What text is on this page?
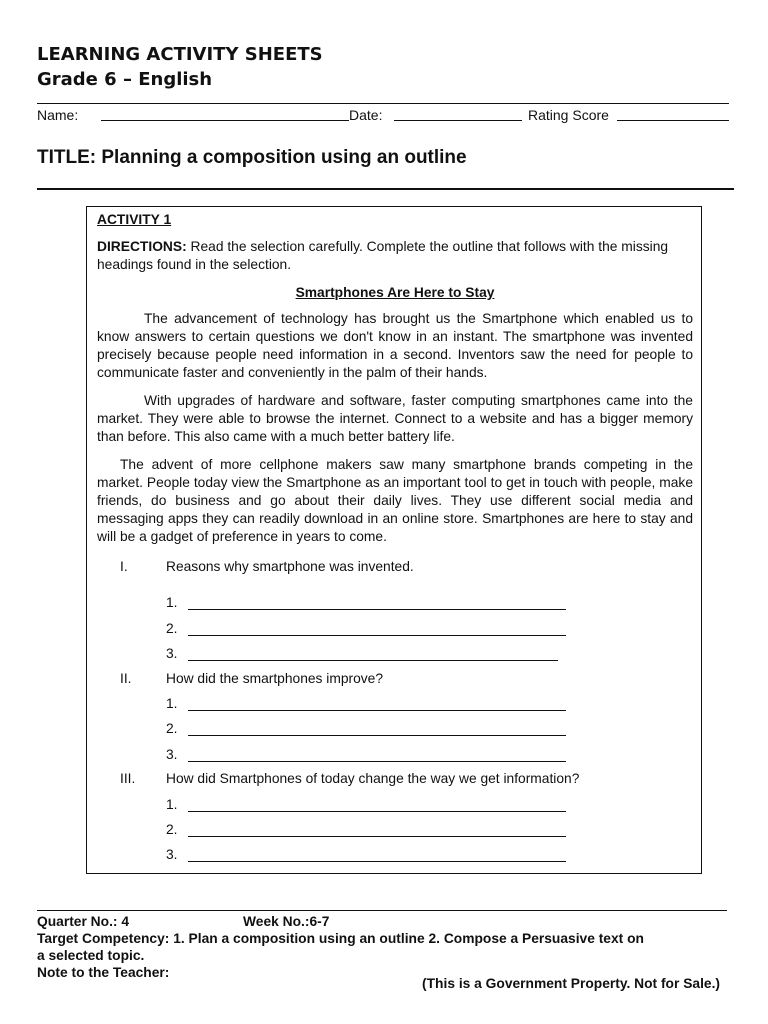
LEARNING ACTIVITY SHEETS
Grade 6 – English
Name:	Date:	Rating Score
TITLE: Planning a composition using an outline
ACTIVITY 1
DIRECTIONS: Read the selection carefully. Complete the outline that follows with the missing headings found in the selection.
Smartphones Are Here to Stay
The advancement of technology has brought us the Smartphone which enabled us to know answers to certain questions we don't know in an instant. The smartphone was invented precisely because people need information in a second. Inventors saw the need for people to communicate faster and conveniently in the palm of their hands.
With upgrades of hardware and software, faster computing smartphones came into the market. They were able to browse the internet. Connect to a website and has a bigger memory than before. This also came with a much better battery life.
The advent of more cellphone makers saw many smartphone brands competing in the market. People today view the Smartphone as an important tool to get in touch with people, make friends, do business and go about their daily lives. They use different social media and messaging apps they can readily download in an online store. Smartphones are here to stay and will be a gadget of preference in years to come.
I.	Reasons why smartphone was invented.
1.
2.
3.
II.	How did the smartphones improve?
1.
2.
3.
III. How did Smartphones of today change the way we get information?
1.
2.
3.
Quarter No.: 4	Week No.:6-7
Target Competency: 1. Plan a composition using an outline 2. Compose a Persuasive text on
a selected topic.
Note to the Teacher:
(This is a Government Property. Not for Sale.)
